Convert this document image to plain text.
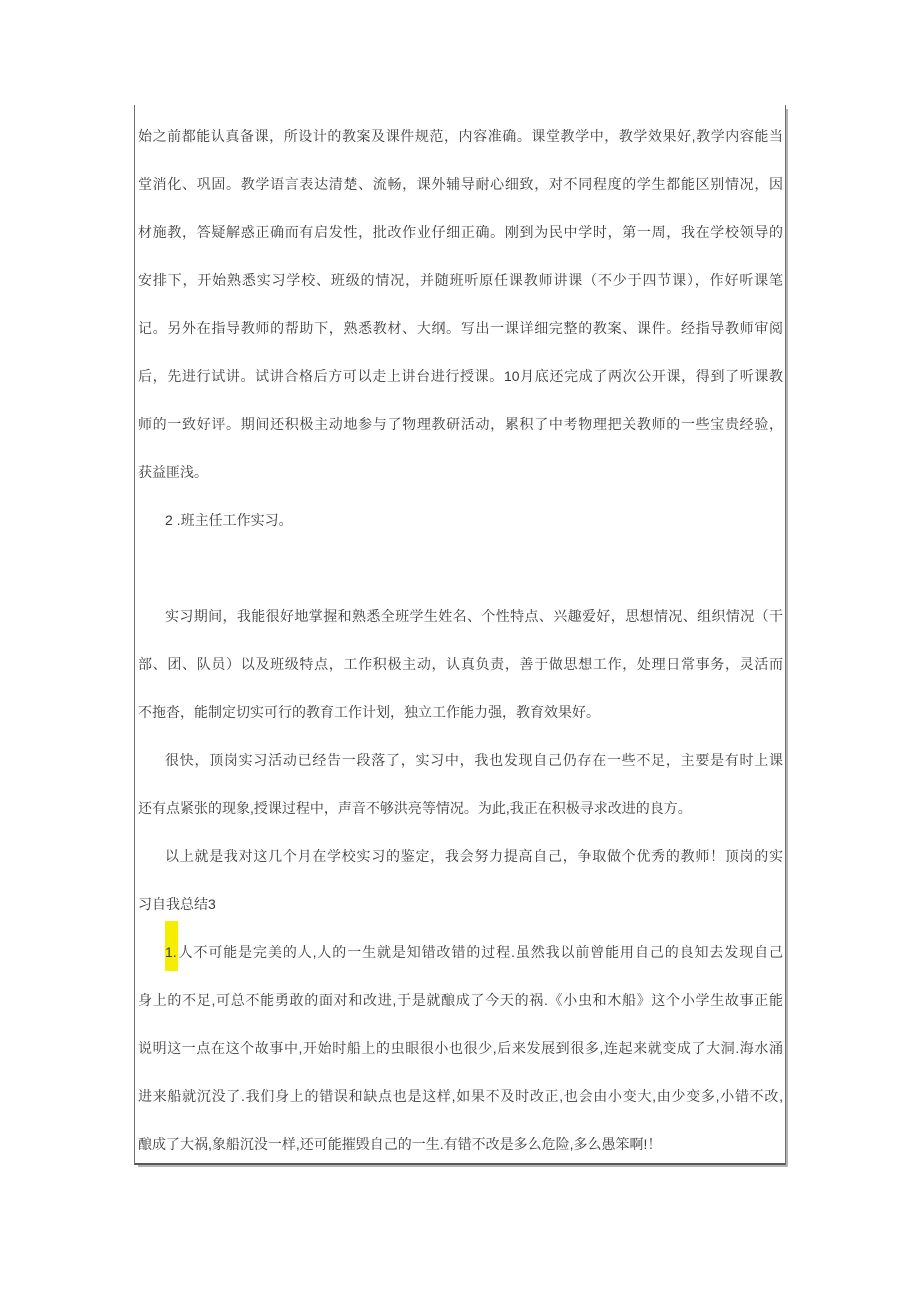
始之前都能认真备课，所设计的教案及课件规范，内容准确。课堂教学中，教学效果好,教学内容能当
堂消化、巩固。教学语言表达清楚、流畅，课外辅导耐心细致，对不同程度的学生都能区别情况，因
材施教，答疑解惑正确而有启发性，批改作业仔细正确。刚到为民中学时，第一周，我在学校领导的
安排下，开始熟悉实习学校、班级的情况，并随班听原任课教师讲课（不少于四节课），作好听课笔
记。另外在指导教师的帮助下，熟悉教材、大纲。写出一课详细完整的教案、课件。经指导教师审阅
后，先进行试讲。试讲合格后方可以走上讲台进行授课。10月底还完成了两次公开课，得到了听课教
师的一致好评。期间还积极主动地参与了物理教研活动，累积了中考物理把关教师的一些宝贵经验，
获益匪浅。
2 .班主任工作实习。
实习期间，我能很好地掌握和熟悉全班学生姓名、个性特点、兴趣爱好，思想情况、组织情况（干
部、团、队员）以及班级特点，工作积极主动，认真负责，善于做思想工作，处理日常事务，灵活而
不拖沓，能制定切实可行的教育工作计划，独立工作能力强，教育效果好。
很快，顶岗实习活动已经告一段落了，实习中，我也发现自己仍存在一些不足，主要是有时上课
还有点紧张的现象,授课过程中，声音不够洪亮等情况。为此,我正在积极寻求改进的良方。
以上就是我对这几个月在学校实习的鉴定，我会努力提高自己，争取做个优秀的教师！顶岗的实
习自我总结3
1.人不可能是完美的人,人的一生就是知错改错的过程.虽然我以前曾能用自己的良知去发现自己
身上的不足,可总不能勇敢的面对和改进,于是就酿成了今天的祸.《小虫和木船》这个小学生故事正能
说明这一点在这个故事中,开始时船上的虫眼很小也很少,后来发展到很多,连起来就变成了大洞.海水涌
进来船就沉没了.我们身上的错误和缺点也是这样,如果不及时改正,也会由小变大,由少变多,小错不改,
酿成了大祸,象船沉没一样,还可能摧毁自己的一生.有错不改是多么危险,多么愚笨啊!！
